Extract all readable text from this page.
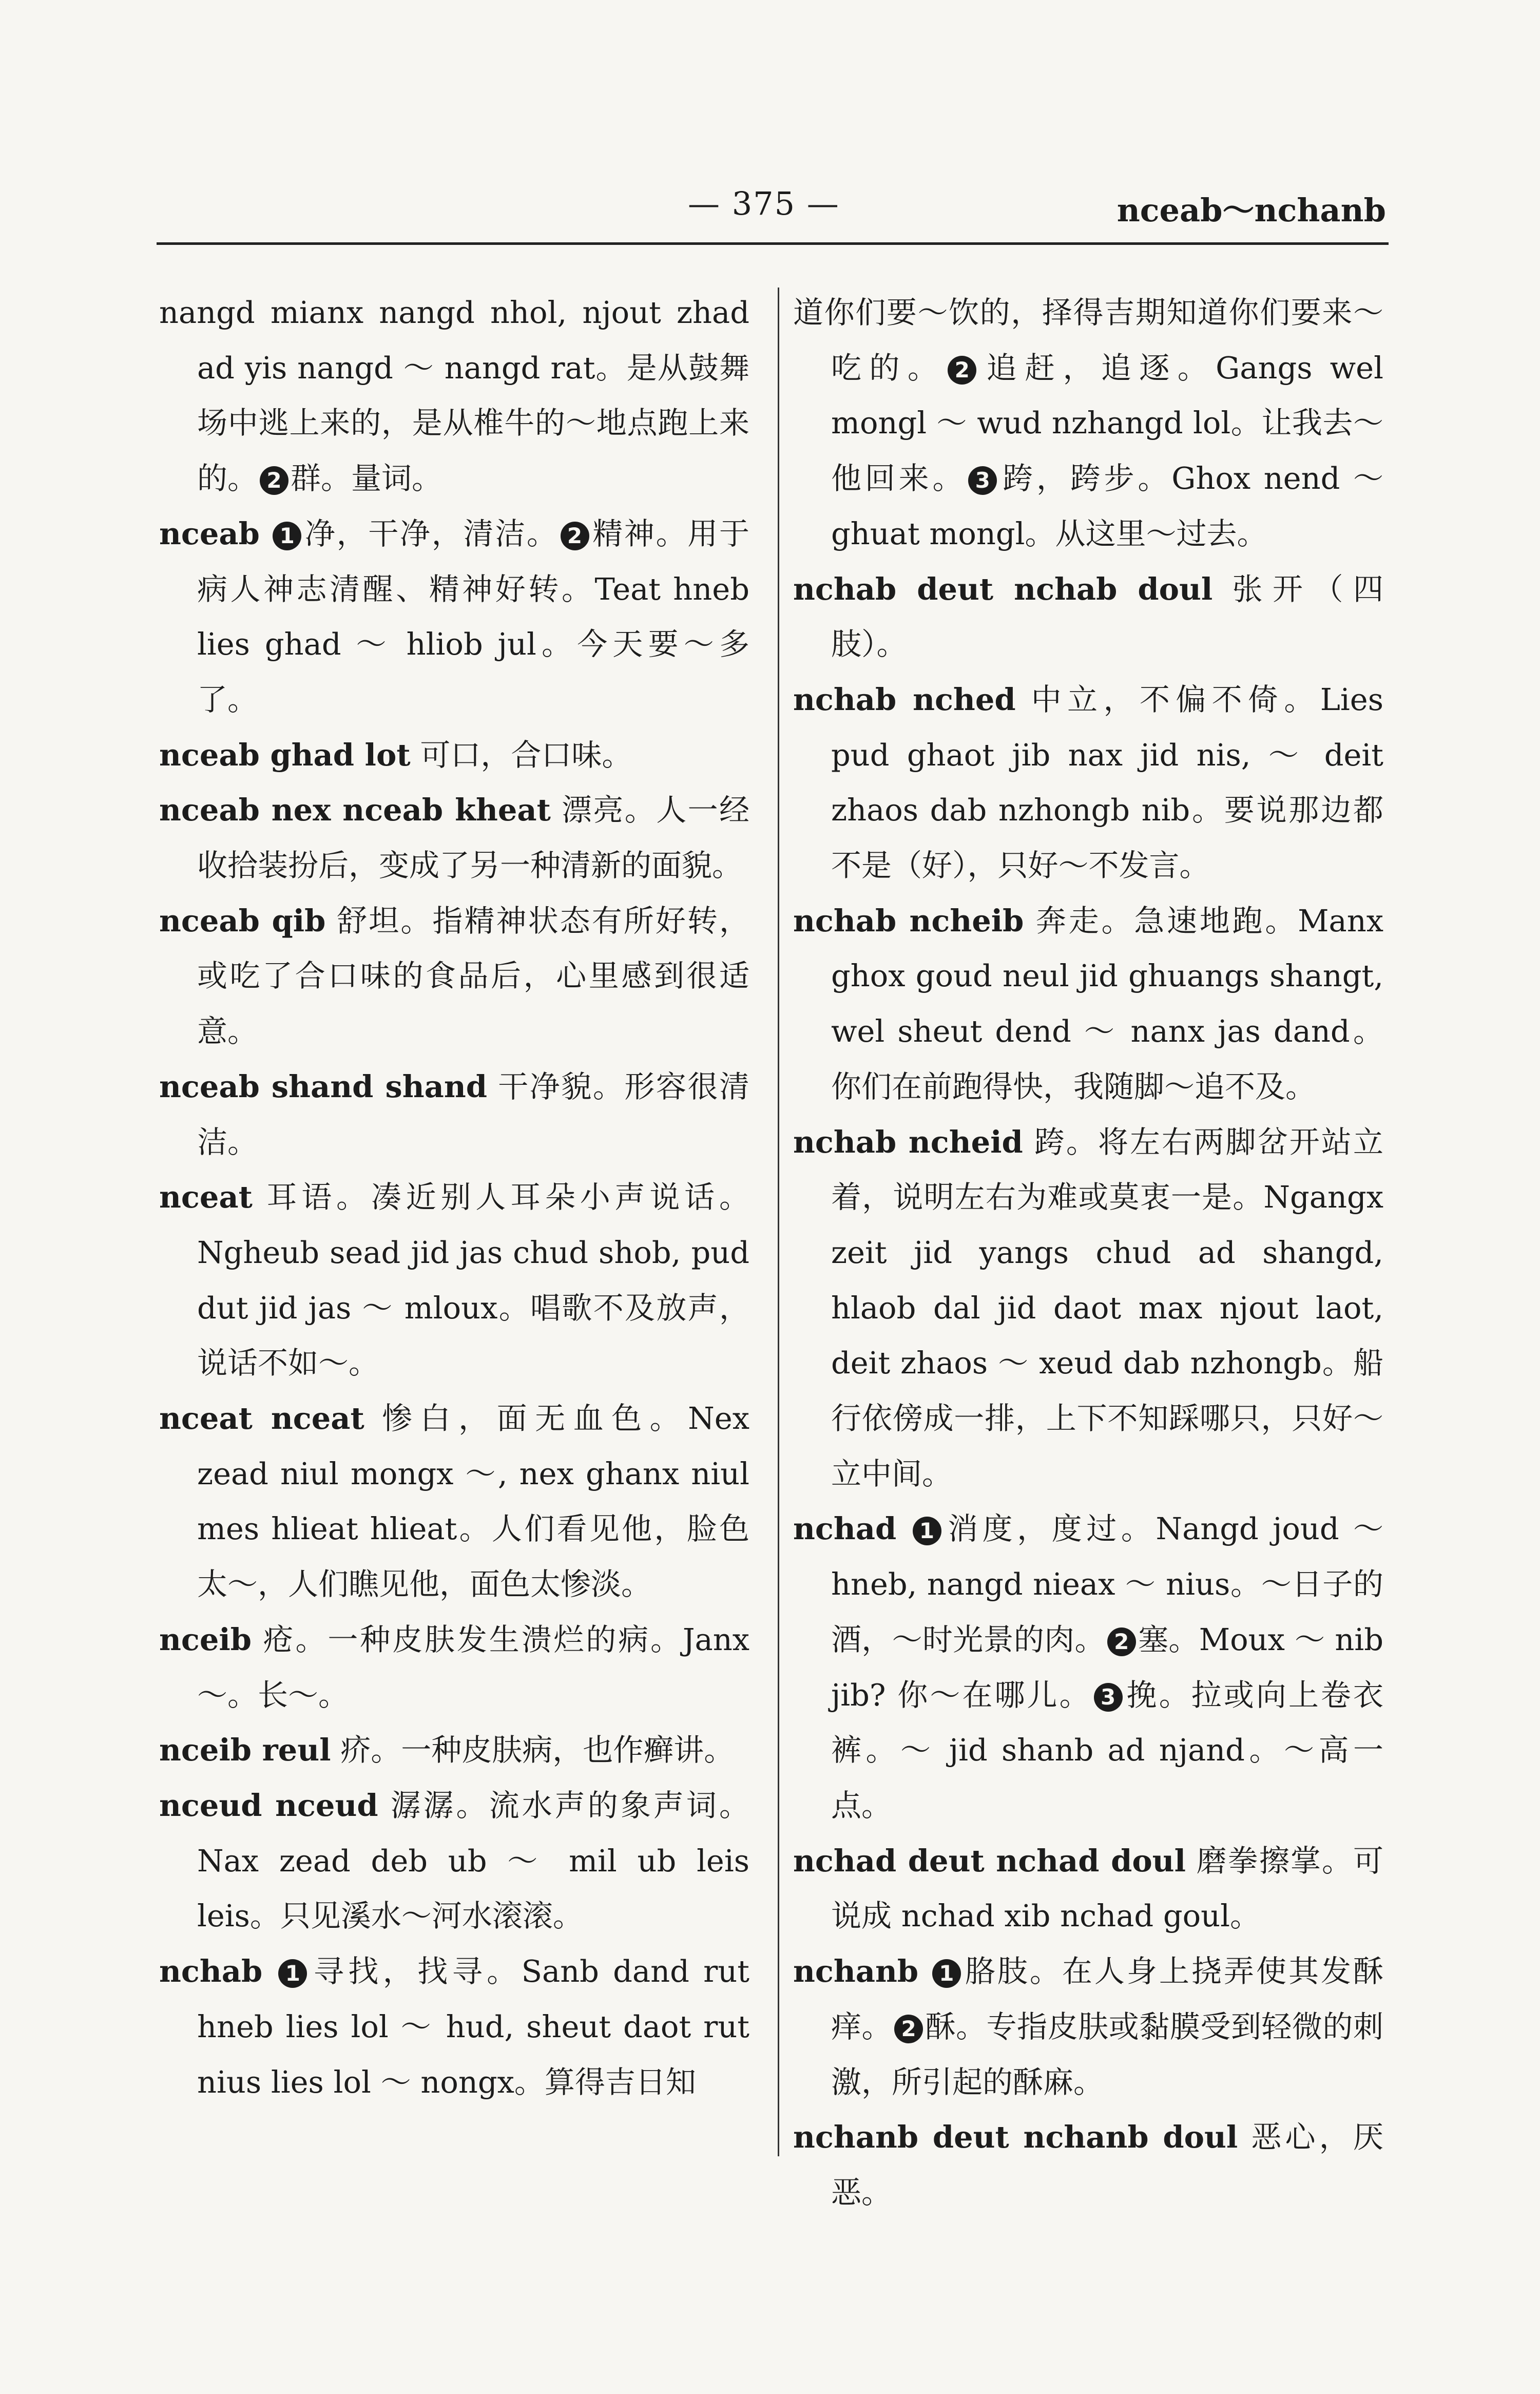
— 375 —	nceab～nchanb

nangd mianx nangd nhol, njout zhad ad yis nangd ～ nangd rat。是从鼓舞场中逃上来的，是从椎牛的～地点跑上来的。 2 群。量词。

nceab 1 净，干净，清洁。 2 精神。用于病人神志清醒、精神好转。Teat hneb lies ghad ～ hliob jul。今天要～多了。

nceab ghad lot 可口，合口味。

nceab nex nceab kheat 漂亮。人一经收拾装扮后，变成了另一种清新的面貌。

nceab qib 舒坦。指精神状态有所好转，或吃了合口味的食品后，心里感到很适意。

nceab shand shand 干净貌。形容很清洁。

nceat 耳语。凑近别人耳朵小声说话。Ngheub sead jid jas chud shob, pud dut jid jas ～ mloux。唱歌不及放声，说话不如～。

nceat nceat 惨白，面无血色。Nex zead niul mongx ～, nex ghanx niul mes hlieat hlieat。人们看见他，脸色太～，人们瞧见他，面色太惨淡。

nceib 疮。一种皮肤发生溃烂的病。Janx ～。长～。

nceib reul 疥。一种皮肤病，也作癣讲。

nceud nceud 潺潺。流水声的象声词。Nax zead deb ub ～ mil ub leis leis。只见溪水～河水滚滚。

nchab 1 寻找，找寻。Sanb dand rut hneb lies lol ～ hud, sheut daot rut nius lies lol ～ nongx。算得吉日知

道你们要～饮的，择得吉期知道你们要来～吃的。 2 追赶，追逐。Gangs wel mongl ～ wud nzhangd lol。让我去～他回来。 3 跨，跨步。Ghox nend ～ ghuat mongl。从这里～过去。

nchab deut nchab doul 张开（四肢）。

nchab nched 中立，不偏不倚。Lies pud ghaot jib nax jid nis, ～ deit zhaos dab nzhongb nib。要说那边都不是（好），只好～不发言。

nchab ncheib 奔走。急速地跑。Manx ghox goud neul jid ghuangs shangt, wel sheut dend ～ nanx jas dand。你们在前跑得快，我随脚～追不及。

nchab ncheid 跨。将左右两脚岔开站立着，说明左右为难或莫衷一是。Ngangx zeit jid yangs chud ad shangd, hlaob dal jid daot max njout laot, deit zhaos ～ xeud dab nzhongb。船行依傍成一排，上下不知踩哪只，只好～立中间。

nchad 1 消度，度过。Nangd joud ～ hneb, nangd nieax ～ nius。～日子的酒，～时光景的肉。 2 塞。Moux ～ nib jib? 你～在哪儿。 3 挽。拉或向上卷衣裤。～ jid shanb ad njand。～高一点。

nchad deut nchad doul 磨拳擦掌。可说成 nchad xib nchad goul。

nchanb 1 胳肢。在人身上挠弄使其发酥痒。 2 酥。专指皮肤或黏膜受到轻微的刺激，所引起的酥麻。

nchanb deut nchanb doul 恶心，厌恶。
